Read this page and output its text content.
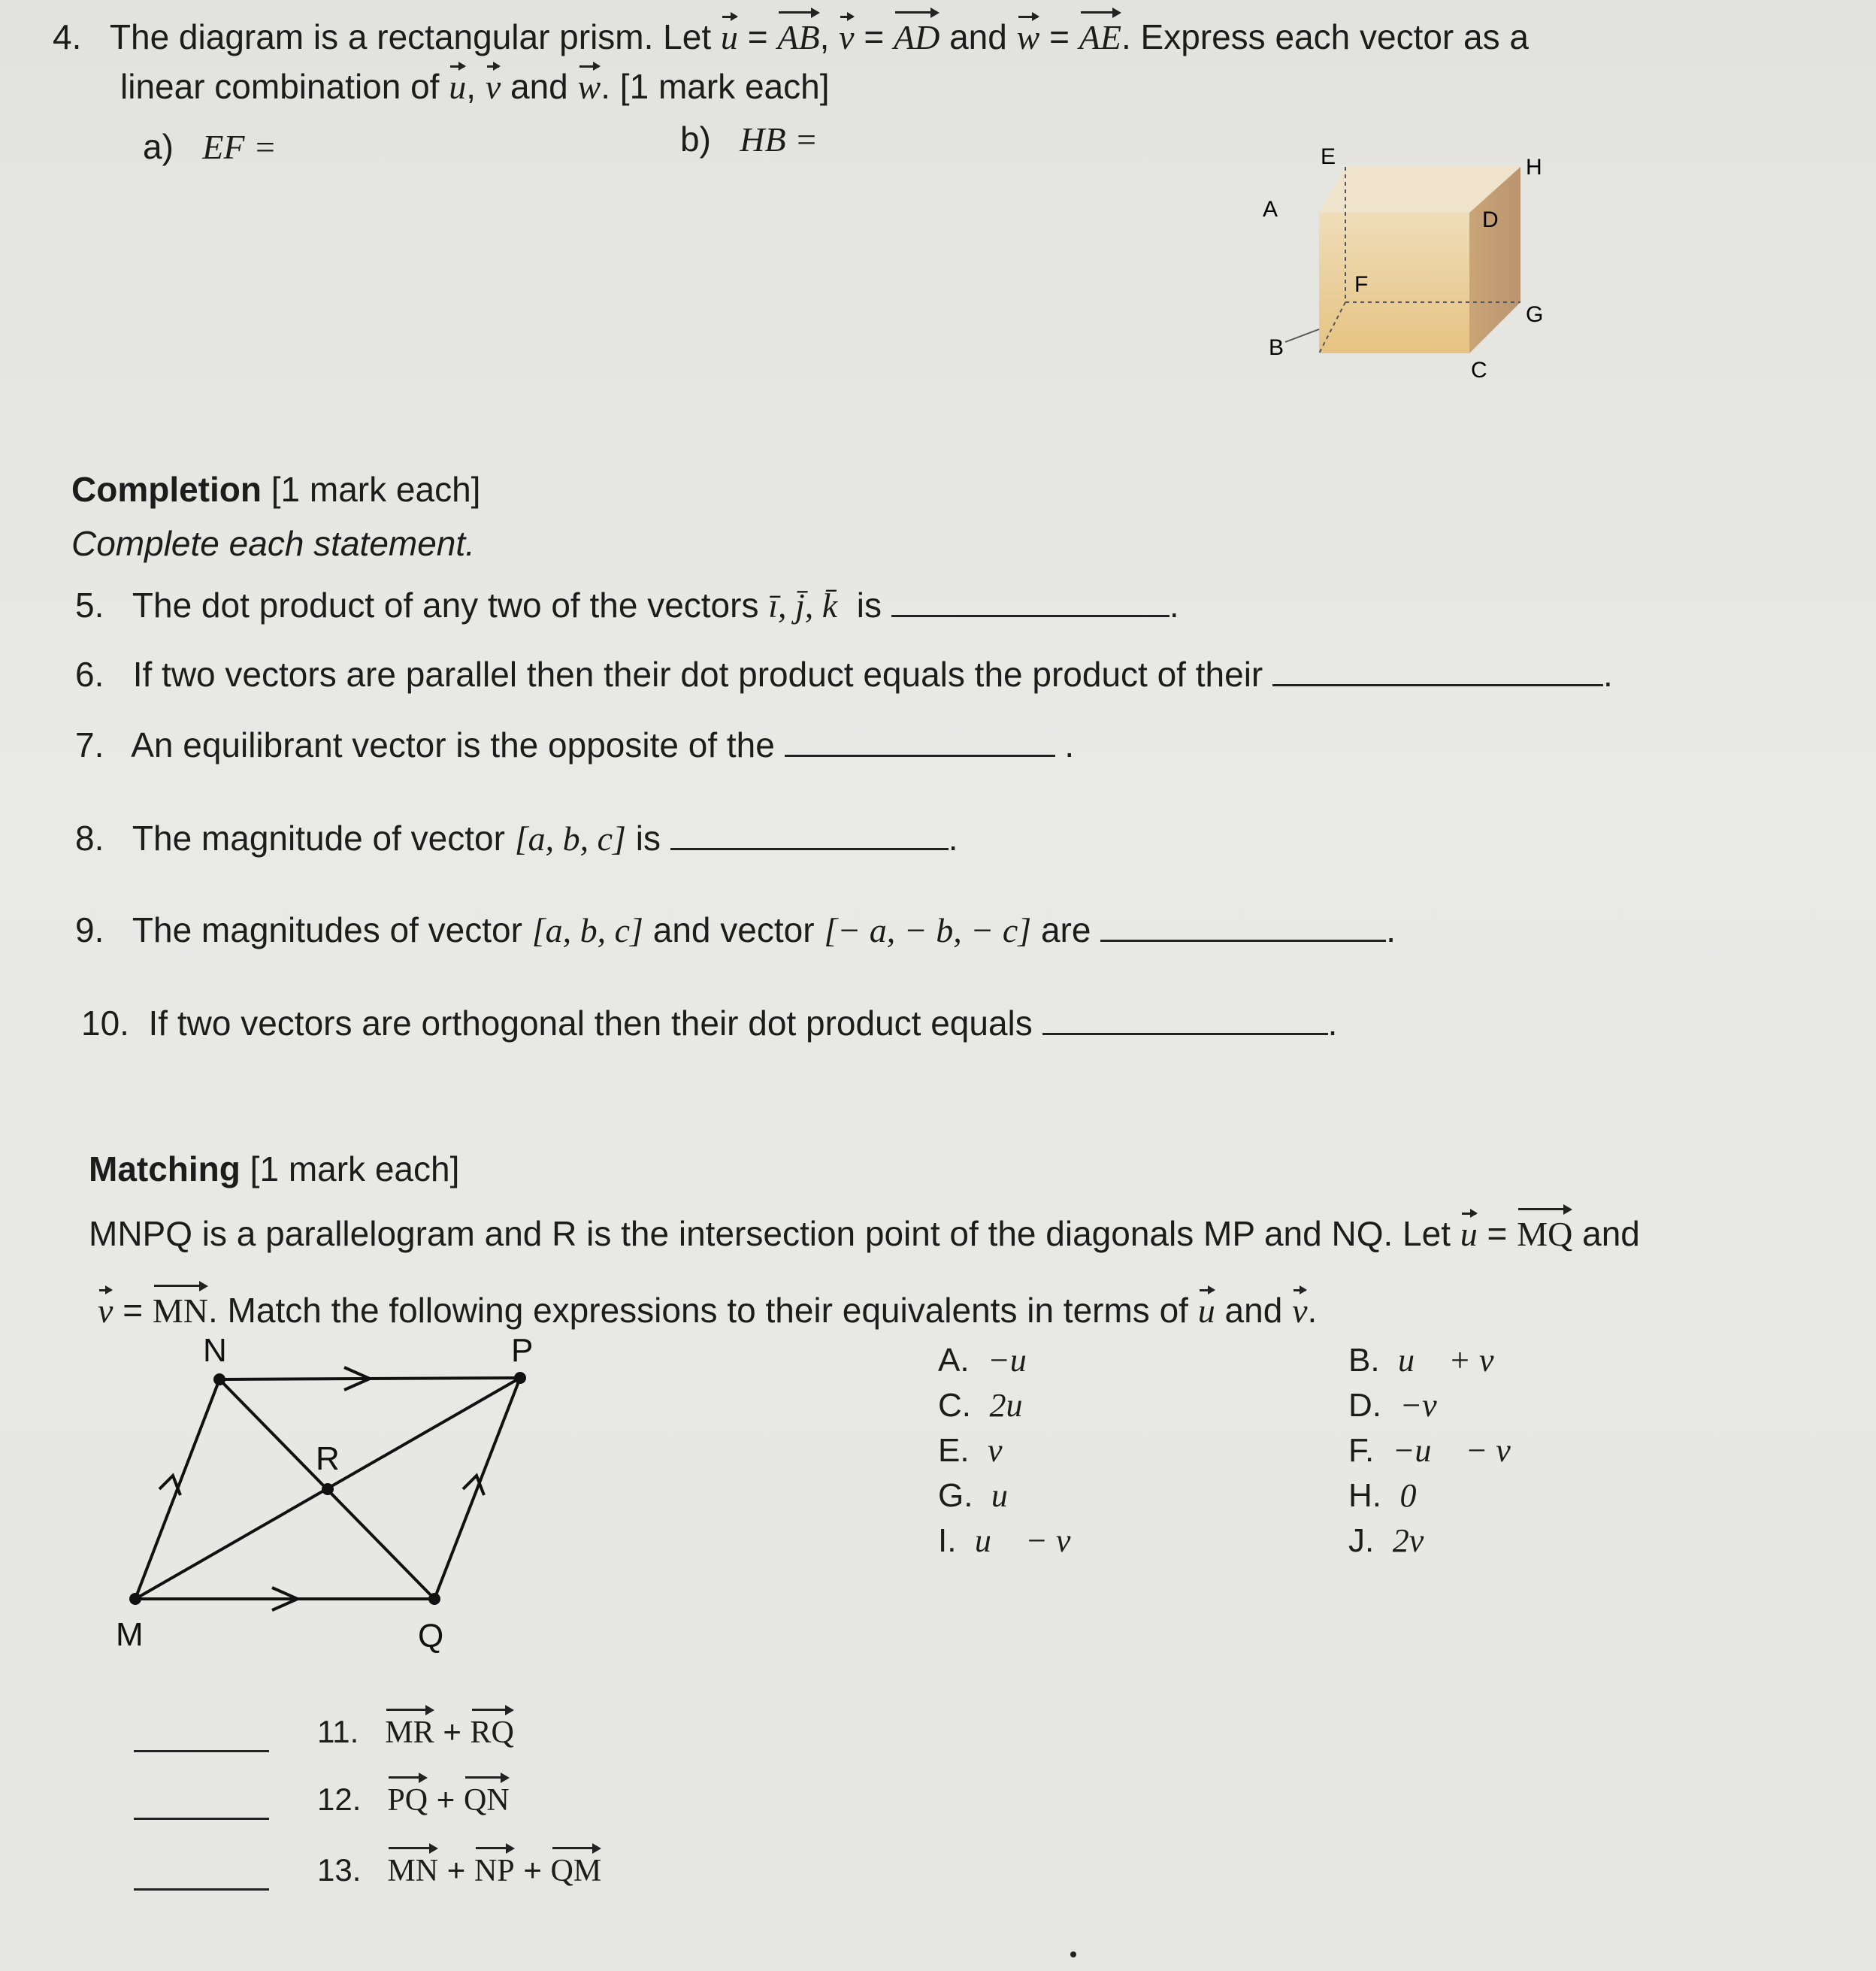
4. The diagram is a rectangular prism. Let u = AB, v = AD and w = AE. Express each vector as a
linear combination of u, v and w. [1 mark each]
a) EF =	b) HB =	E	H
A	D
F
G
B
C
Completion [1 mark each]
Complete each statement.
5. The dot product of any two of the vectors ī, j̄, k̄ is	.
6. If two vectors are parallel then their dot product equals the product of their	.
7. An equilibrant vector is the opposite of the	.
8. The magnitude of vector [a, b, c] is	.
9. The magnitudes of vector [a, b, c] and vector [− a, − b, − c] are	.
10. If two vectors are orthogonal then their dot product equals	.
Matching [1 mark each]
MNPQ is a parallelogram and R is the intersection point of the diagonals MP and NQ. Let u = MQ and
v = MN. Match the following expressions to their equivalents in terms of u and v.
N	P
R
M	Q
A. −u⃗	B. u⃗ + v⃗
C. 2u⃗	D. −v⃗
E. v⃗	F. −u⃗ − v⃗
G. u⃗	H. 0⃗
I. u⃗ − v⃗	J. 2v⃗
11. MR + RQ
12. PQ + QN
13. MN + NP + QM
